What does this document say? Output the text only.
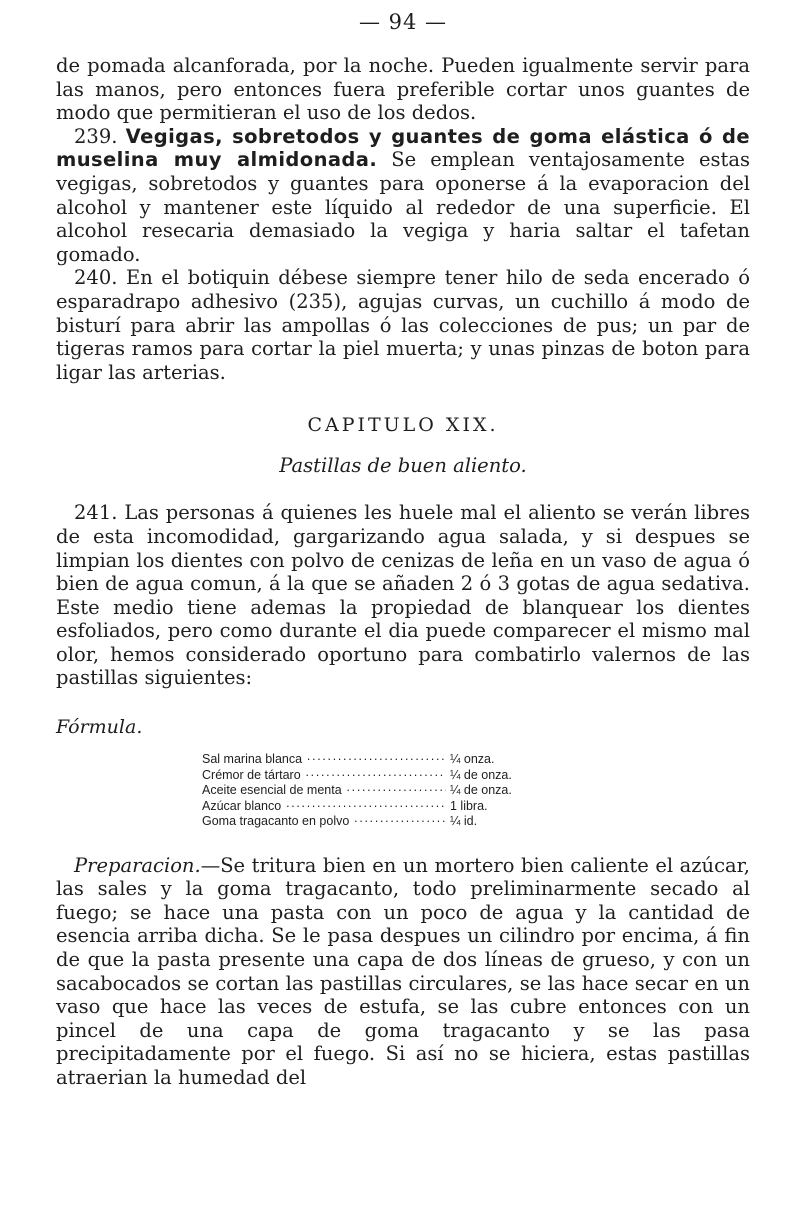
— 94 —

de pomada alcanforada, por la noche. Pueden igualmente servir para las manos, pero entonces fuera preferible cortar unos guantes de modo que permitieran el uso de los dedos.

239. Vegigas, sobretodos y guantes de goma elástica ó de muselina muy almidonada. Se emplean ventajosamente estas vegigas, sobretodos y guantes para oponerse á la evaporacion del alcohol y mantener este líquido al rededor de una superficie. El alcohol resecaria demasiado la vegiga y haria saltar el tafetan gomado.

240. En el botiquin débese siempre tener hilo de seda encerado ó esparadrapo adhesivo (235), agujas curvas, un cuchillo á modo de bisturí para abrir las ampollas ó las colecciones de pus; un par de tigeras ramos para cortar la piel muerta; y unas pinzas de boton para ligar las arterias.

CAPITULO XIX.
Pastillas de buen aliento.

241. Las personas á quienes les huele mal el aliento se verán libres de esta incomodidad, gargarizando agua salada, y si despues se limpian los dientes con polvo de cenizas de leña en un vaso de agua ó bien de agua comun, á la que se añaden 2 ó 3 gotas de agua sedativa. Este medio tiene ademas la propiedad de blanquear los dientes esfoliados, pero como durante el dia puede comparecer el mismo mal olor, hemos considerado oportuno para combatirlo valernos de las pastillas siguientes:

Fórmula.
Sal marina blanca ·····	¼ onza.
Crémor de tártaro ·····	¼ de onza.
Aceite esencial de menta ·····	¼ de onza.
Azúcar blanco ·····	1 libra.
Goma tragacanto en polvo ·····	¼ id.

Preparacion.—Se tritura bien en un mortero bien caliente el azúcar, las sales y la goma tragacanto, todo preliminarmente secado al fuego; se hace una pasta con un poco de agua y la cantidad de esencia arriba dicha. Se le pasa despues un cilindro por encima, á fin de que la pasta presente una capa de dos líneas de grueso, y con un sacabocados se cortan las pastillas circulares, se las hace secar en un vaso que hace las veces de estufa, se las cubre entonces con un pincel de una capa de goma tragacanto y se las pasa precipitadamente por el fuego. Si así no se hiciera, estas pastillas atraerian la humedad del
